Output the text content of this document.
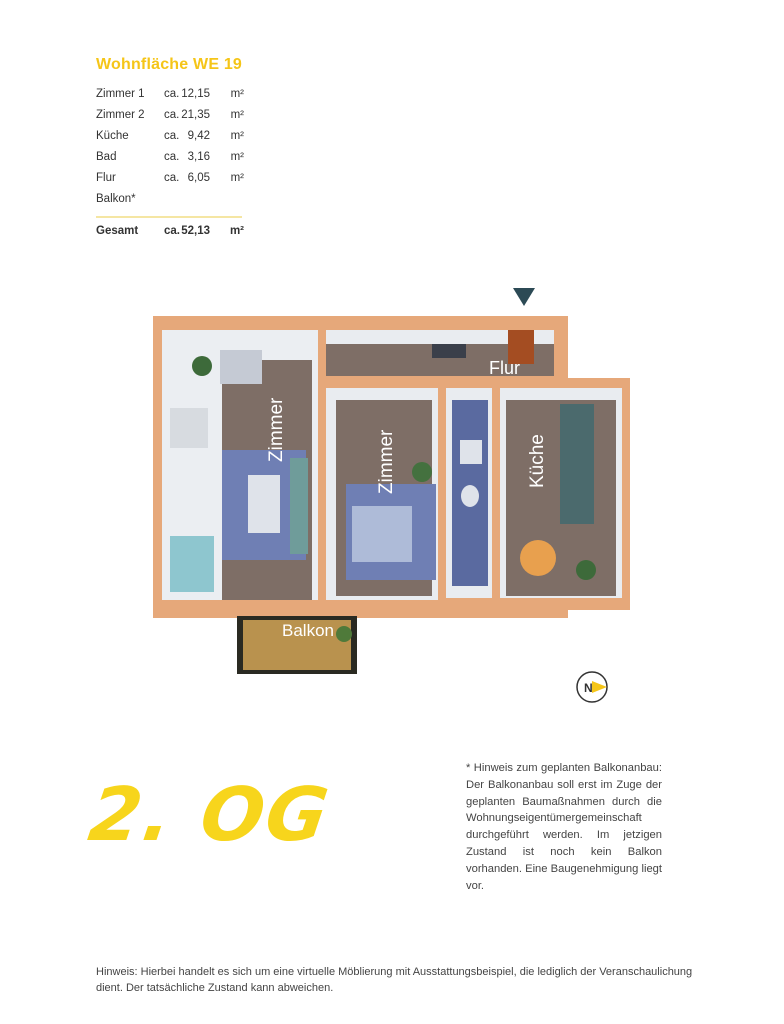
Wohnfläche WE 19
Zimmer 1 ca. 12,15 m²
Zimmer 2 ca. 21,35 m²
Küche	ca. 9,42 m²
Bad	ca. 3,16 m²
Flur	ca. 6,05 m²
Balkon*
Gesamt ca. 52,13 m²
Zimmer	Zimmer
Flur
Küche
Balkon
N
2. OG

* Hinweis zum geplanten Balkonanbau: Der Balkonanbau soll erst im Zuge der geplanten Baumaßnahmen durch die Wohnungseigentümergemeinschaft durchgeführt werden. Im jetzigen Zustand ist noch kein Balkon vorhanden. Eine Baugenehmigung liegt vor.

Hinweis: Hierbei handelt es sich um eine virtuelle Möblierung mit Ausstattungsbeispiel, die lediglich der Veranschaulichung dient. Der tatsächliche Zustand kann abweichen.
